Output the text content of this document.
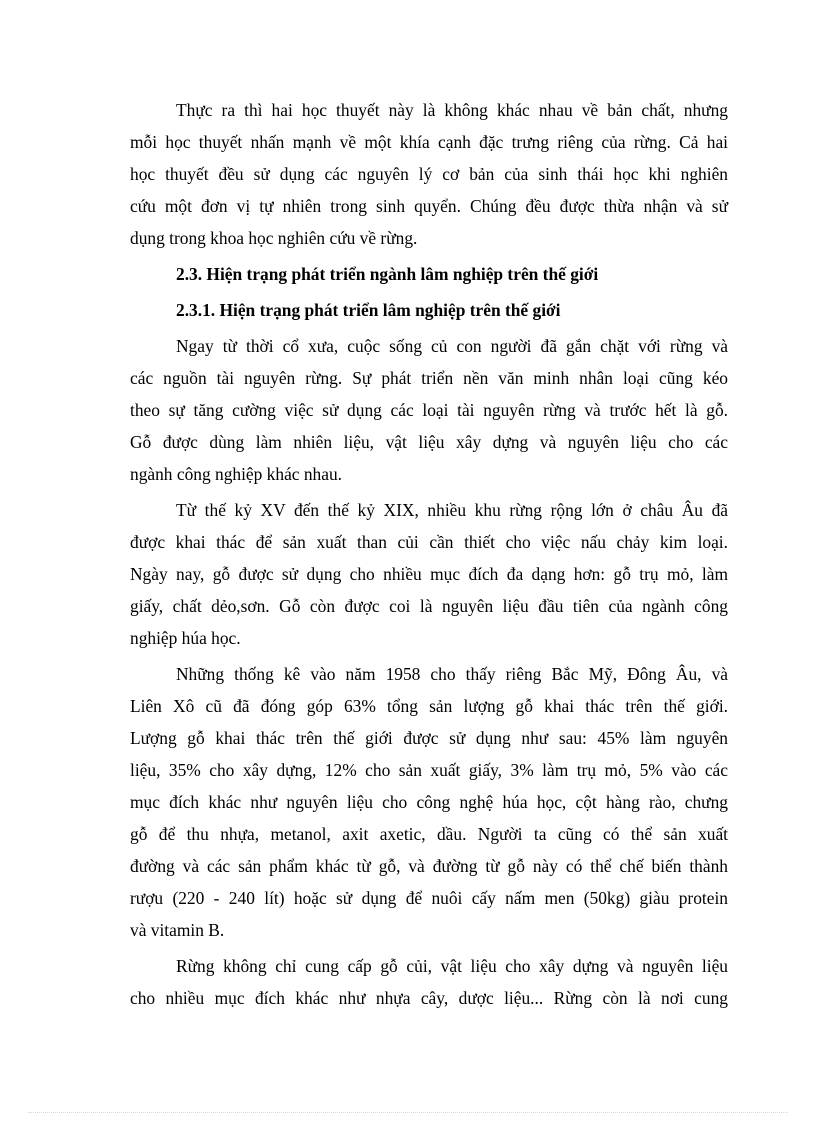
Thực ra thì hai học thuyết này là không khác nhau về bản chất, nhưng
mỗi học thuyết nhấn mạnh về một khía cạnh đặc trưng riêng của rừng. Cả hai
học thuyết đều sử dụng các nguyên lý cơ bản của sinh thái học khi nghiên
cứu một đơn vị tự nhiên trong sinh quyển. Chúng đều được thừa nhận và sử
dụng trong khoa học nghiên cứu về rừng.
2.3. Hiện trạng phát triển ngành lâm nghiệp trên thế giới
2.3.1. Hiện trạng phát triển lâm nghiệp trên thế giới
Ngay từ thời cổ xưa, cuộc sống củ con người đã gắn chặt với rừng và
các nguồn tài nguyên rừng. Sự phát triển nền văn minh nhân loại cũng kéo
theo sự tăng cường việc sử dụng các loại tài nguyên rừng và trước hết là gỗ.
Gỗ được dùng làm nhiên liệu, vật liệu xây dựng và nguyên liệu cho các
ngành công nghiệp khác nhau.
Từ thế kỷ XV đến thế kỷ XIX, nhiều khu rừng rộng lớn ở châu Âu đã
được khai thác để sản xuất than củi cần thiết cho việc nấu chảy kim loại.
Ngày nay, gỗ được sử dụng cho nhiều mục đích đa dạng hơn: gỗ trụ mỏ, làm
giấy, chất dẻo,sơn. Gỗ còn được coi là nguyên liệu đầu tiên của ngành công
nghiệp húa học.
Những thống kê vào năm 1958 cho thấy riêng Bắc Mỹ, Đông Âu, và
Liên Xô cũ đã đóng góp 63% tổng sản lượng gỗ khai thác trên thế giới.
Lượng gỗ khai thác trên thế giới được sử dụng như sau: 45% làm nguyên
liệu, 35% cho xây dựng, 12% cho sản xuất giấy, 3% làm trụ mỏ, 5% vào các
mục đích khác như nguyên liệu cho công nghệ húa học, cột hàng rào, chưng
gỗ để thu nhựa, metanol, axit axetic, dầu. Người ta cũng có thể sản xuất
đường và các sản phẩm khác từ gỗ, và đường từ gỗ này có thể chế biến thành
rượu (220 - 240 lít) hoặc sử dụng để nuôi cấy nấm men (50kg) giàu protein
và vitamin B.
Rừng không chỉ cung cấp gỗ củi, vật liệu cho xây dựng và nguyên liệu
cho nhiều mục đích khác như nhựa cây, dược liệu... Rừng còn là nơi cung
